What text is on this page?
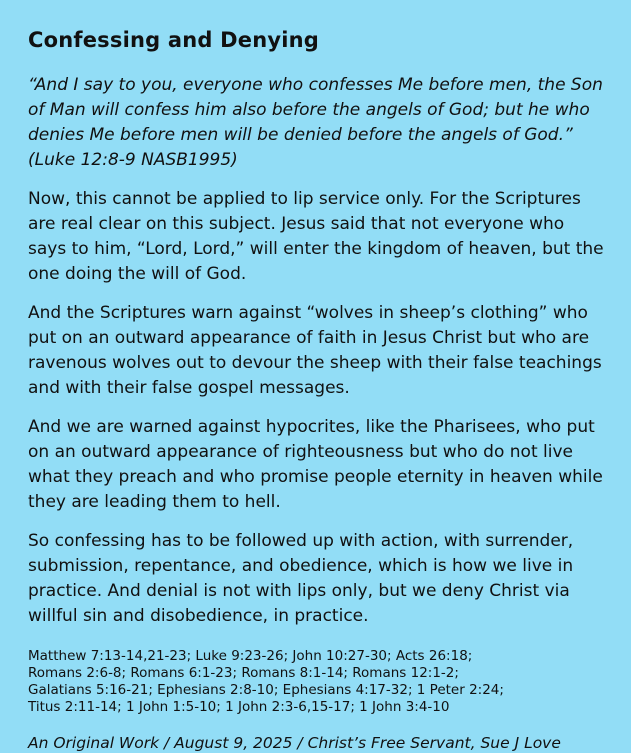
Confessing and Denying

“And I say to you, everyone who confesses Me before men, the Son of Man will confess him also before the angels of God; but he who denies Me before men will be denied before the angels of God.” (Luke 12:8-9 NASB1995)

Now, this cannot be applied to lip service only. For the Scriptures are real clear on this subject. Jesus said that not everyone who says to him, “Lord, Lord,” will enter the kingdom of heaven, but the one doing the will of God.

And the Scriptures warn against “wolves in sheep’s clothing” who put on an outward appearance of faith in Jesus Christ but who are ravenous wolves out to devour the sheep with their false teachings and with their false gospel messages.

And we are warned against hypocrites, like the Pharisees, who put on an outward appearance of righteousness but who do not live what they preach and who promise people eternity in heaven while they are leading them to hell.

So confessing has to be followed up with action, with surrender, submission, repentance, and obedience, which is how we live in practice. And denial is not with lips only, but we deny Christ via willful sin and disobedience, in practice.

Matthew 7:13-14,21-23; Luke 9:23-26; John 10:27-30; Acts 26:18;
Romans 2:6-8; Romans 6:1-23; Romans 8:1-14; Romans 12:1-2;
Galatians 5:16-21; Ephesians 2:8-10; Ephesians 4:17-32; 1 Peter 2:24;
Titus 2:11-14; 1 John 1:5-10; 1 John 2:3-6,15-17; 1 John 3:4-10

An Original Work / August 9, 2025 / Christ’s Free Servant, Sue J Love
